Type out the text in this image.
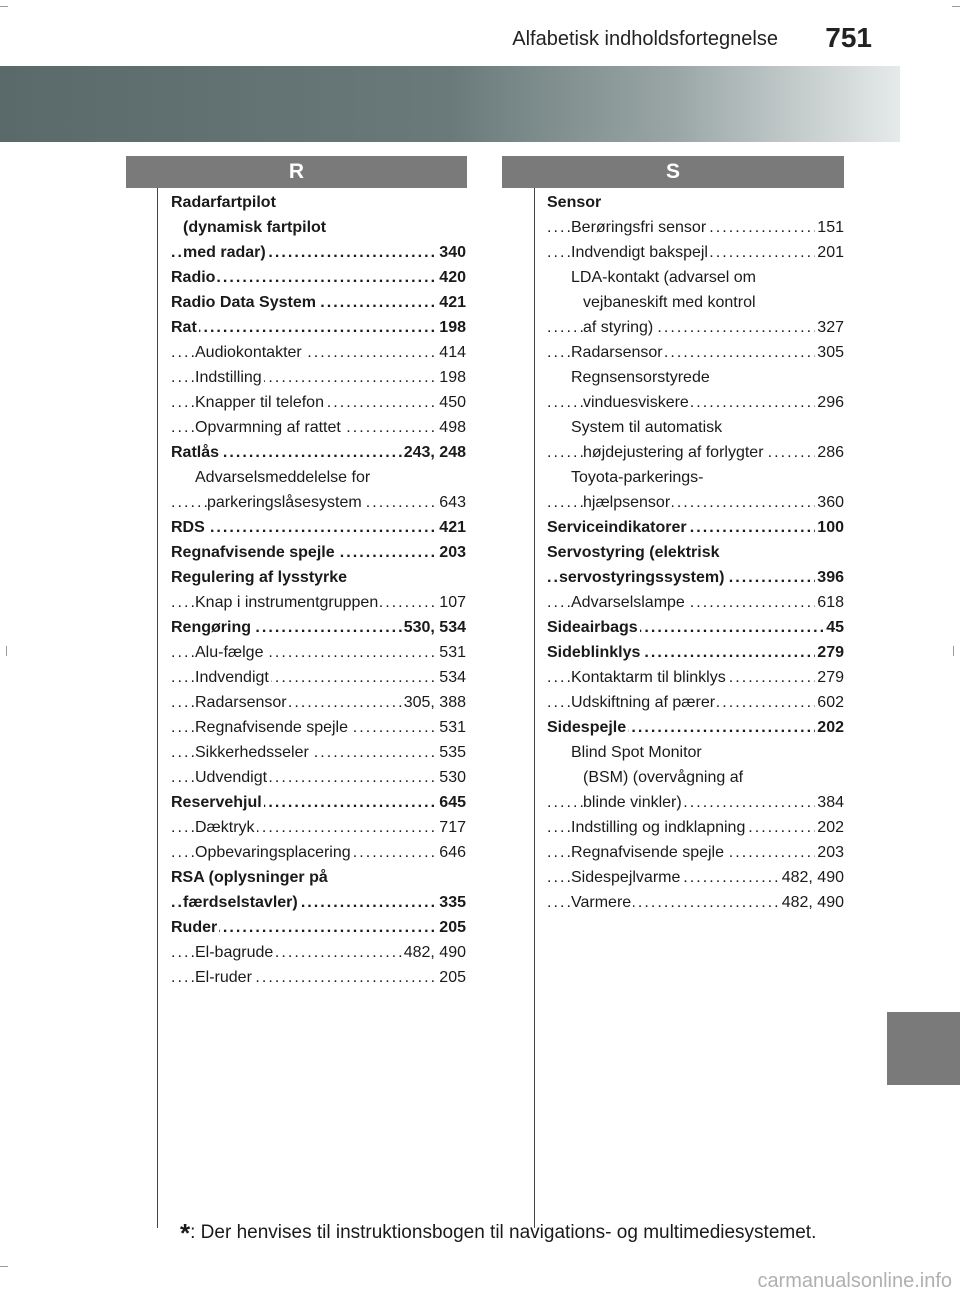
Alfabetisk indholdsfortegnelse 751
R	S
Radarfartpilot
(dynamisk fartpilot
med radar)	340
. . .
Radio	420
. . .
Radio Data System	421
. . .
Rat	198
. . .
Audiokontakter	414
. . .
Indstilling	198
. . .
Knapper til telefon	450
. . .
Opvarmning af rattet	498
. . .
Ratlås	243, 248
. . .
Advarselsmeddelelse for
parkeringslåsesystem	643
. . .
RDS	421
. . .
Regnafvisende spejle	203
. . .
Regulering af lysstyrke
Knap i instrumentgruppen	107
. . .
Rengøring	530, 534
. . .
Alu-fælge	531
. . .
Indvendigt	534
. . .
Radarsensor	305, 388
. . .
Regnafvisende spejle	531
. . .
Sikkerhedsseler	535
. . .
Udvendigt	530
. . .
Reservehjul	645
. . .
Dæktryk	717
. . .
Opbevaringsplacering	646
. . .
RSA (oplysninger på
færdselstavler)	335
. . .
Ruder	205
. . .
El-bagrude	482, 490
. . .
El-ruder	205
. . .
Sensor
Berøringsfri sensor	151
. . .
Indvendigt bakspejl	201
. . .
LDA-kontakt (advarsel om
vejbaneskift med kontrol
af styring)	327
. . .
Radarsensor	305
. . .
Regnsensorstyrede
vinduesviskere	296
. . .
System til automatisk
højdejustering af forlygter	286
. . .
Toyota-parkerings-
hjælpsensor	360
. . .
Serviceindikatorer	100
. . .
Servostyring (elektrisk
servostyringssystem)	396
. . .
Advarselslampe	618
. . .
Sideairbags	45
. . .
Sideblinklys	279
. . .
Kontaktarm til blinklys	279
. . .
Udskiftning af pærer	602
. . .
Sidespejle	202
. . .
Blind Spot Monitor
(BSM) (overvågning af
blinde vinkler)	384
. . .
Indstilling og indklapning	202
. . .
Regnafvisende spejle	203
. . .
Sidespejlvarme	482, 490
. . .
Varmere	482, 490
. . .
*: Der henvises til instruktionsbogen til navigations- og multimediesystemet.
carmanualsonline.info
